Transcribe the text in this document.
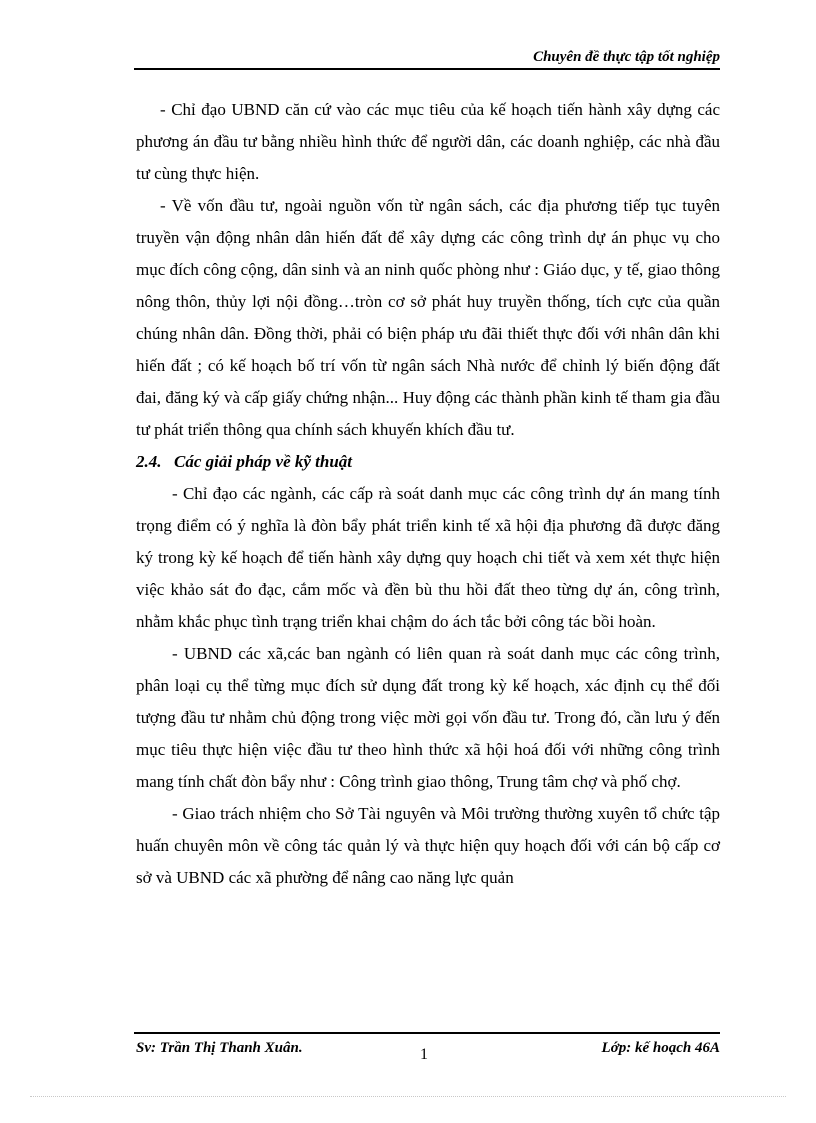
Chuyên đề thực tập tốt nghiệp

- Chỉ đạo UBND căn cứ vào các mục tiêu của kế hoạch tiến hành xây dựng các phương án đầu tư bằng nhiều hình thức để người dân, các doanh nghiệp, các nhà đầu tư cùng thực hiện.

- Về vốn đầu tư, ngoài nguồn vốn từ ngân sách, các địa phương tiếp tục tuyên truyền vận động nhân dân hiến đất để xây dựng các công trình dự án phục vụ cho mục đích công cộng, dân sinh và an ninh quốc phòng như : Giáo dục, y tế, giao thông nông thôn, thủy lợi nội đồng…tròn cơ sở phát huy truyền thống, tích cực của quần chúng nhân dân. Đồng thời, phải có biện pháp ưu đãi thiết thực đối với nhân dân khi hiến đất ; có kế hoạch bố trí vốn từ ngân sách Nhà nước để chỉnh lý biến động đất đai, đăng ký và cấp giấy chứng nhận... Huy động các thành phần kinh tế tham gia đầu tư phát triển thông qua chính sách khuyến khích đầu tư.

2.4. Các giải pháp về kỹ thuật

- Chỉ đạo các ngành, các cấp rà soát danh mục các công trình dự án mang tính trọng điểm có ý nghĩa là đòn bẩy phát triển kinh tế xã hội địa phương đã được đăng ký trong kỳ kế hoạch để tiến hành xây dựng quy hoạch chi tiết và xem xét thực hiện việc khảo sát đo đạc, cắm mốc và đền bù thu hồi đất theo từng dự án, công trình, nhằm khắc phục tình trạng triển khai chậm do ách tắc bởi công tác bồi hoàn.

- UBND các xã,các ban ngành có liên quan rà soát danh mục các công trình, phân loại cụ thể từng mục đích sử dụng đất trong kỳ kế hoạch, xác định cụ thể đối tượng đầu tư nhằm chủ động trong việc mời gọi vốn đầu tư. Trong đó, cần lưu ý đến mục tiêu thực hiện việc đầu tư theo hình thức xã hội hoá đối với những công trình mang tính chất đòn bẩy như : Công trình giao thông, Trung tâm chợ và phố chợ.

- Giao trách nhiệm cho Sở Tài nguyên và Môi trường thường xuyên tổ chức tập huấn chuyên môn về công tác quản lý và thực hiện quy hoạch đối với cán bộ cấp cơ sở và UBND các xã phường để nâng cao năng lực quản

Sv: Trần Thị Thanh Xuân.	1	Lớp: kế hoạch 46A
